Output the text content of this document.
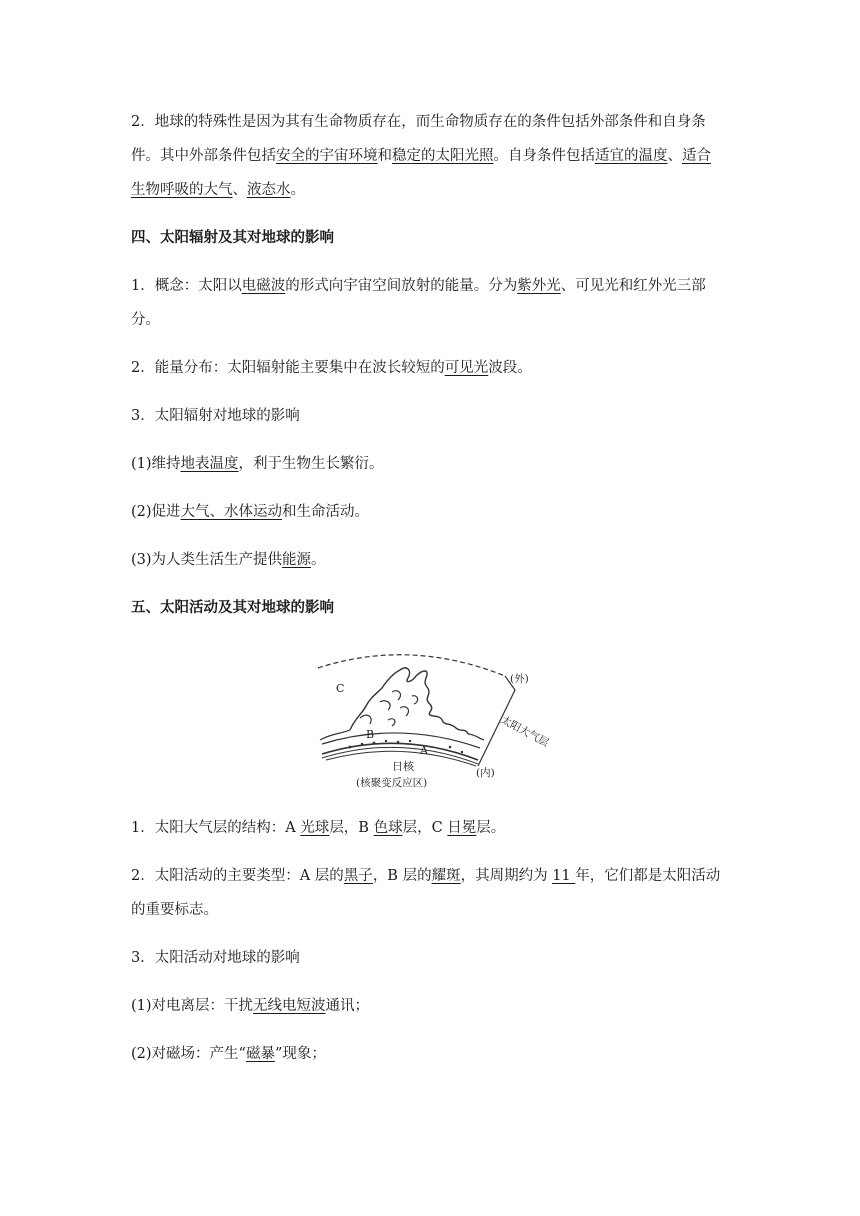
2．地球的特殊性是因为其有生命物质存在，而生命物质存在的条件包括外部条件和自身条
件。其中外部条件包括安全的宇宙环境和稳定的太阳光照。自身条件包括适宜的温度、适合
生物呼吸的大气、液态水。
四、太阳辐射及其对地球的影响
1．概念：太阳以电磁波的形式向宇宙空间放射的能量。分为紫外光、可见光和红外光三部
分。
2．能量分布：太阳辐射能主要集中在波长较短的可见光波段。
3．太阳辐射对地球的影响
(1)维持地表温度，利于生物生长繁衍。
(2)促进大气、水体运动和生命活动。
(3)为人类生活生产提供能源。
五、太阳活动及其对地球的影响
C
B
A
(外)
(内)
太阳大气层
日核
(核聚变反应区)
1．太阳大气层的结构：A 光球层，B 色球层，C 日冕层。
2．太阳活动的主要类型：A 层的黑子，B 层的耀斑，其周期约为 11 年，它们都是太阳活动
的重要标志。
3．太阳活动对地球的影响
(1)对电离层：干扰无线电短波通讯；
(2)对磁场：产生“磁暴”现象；
